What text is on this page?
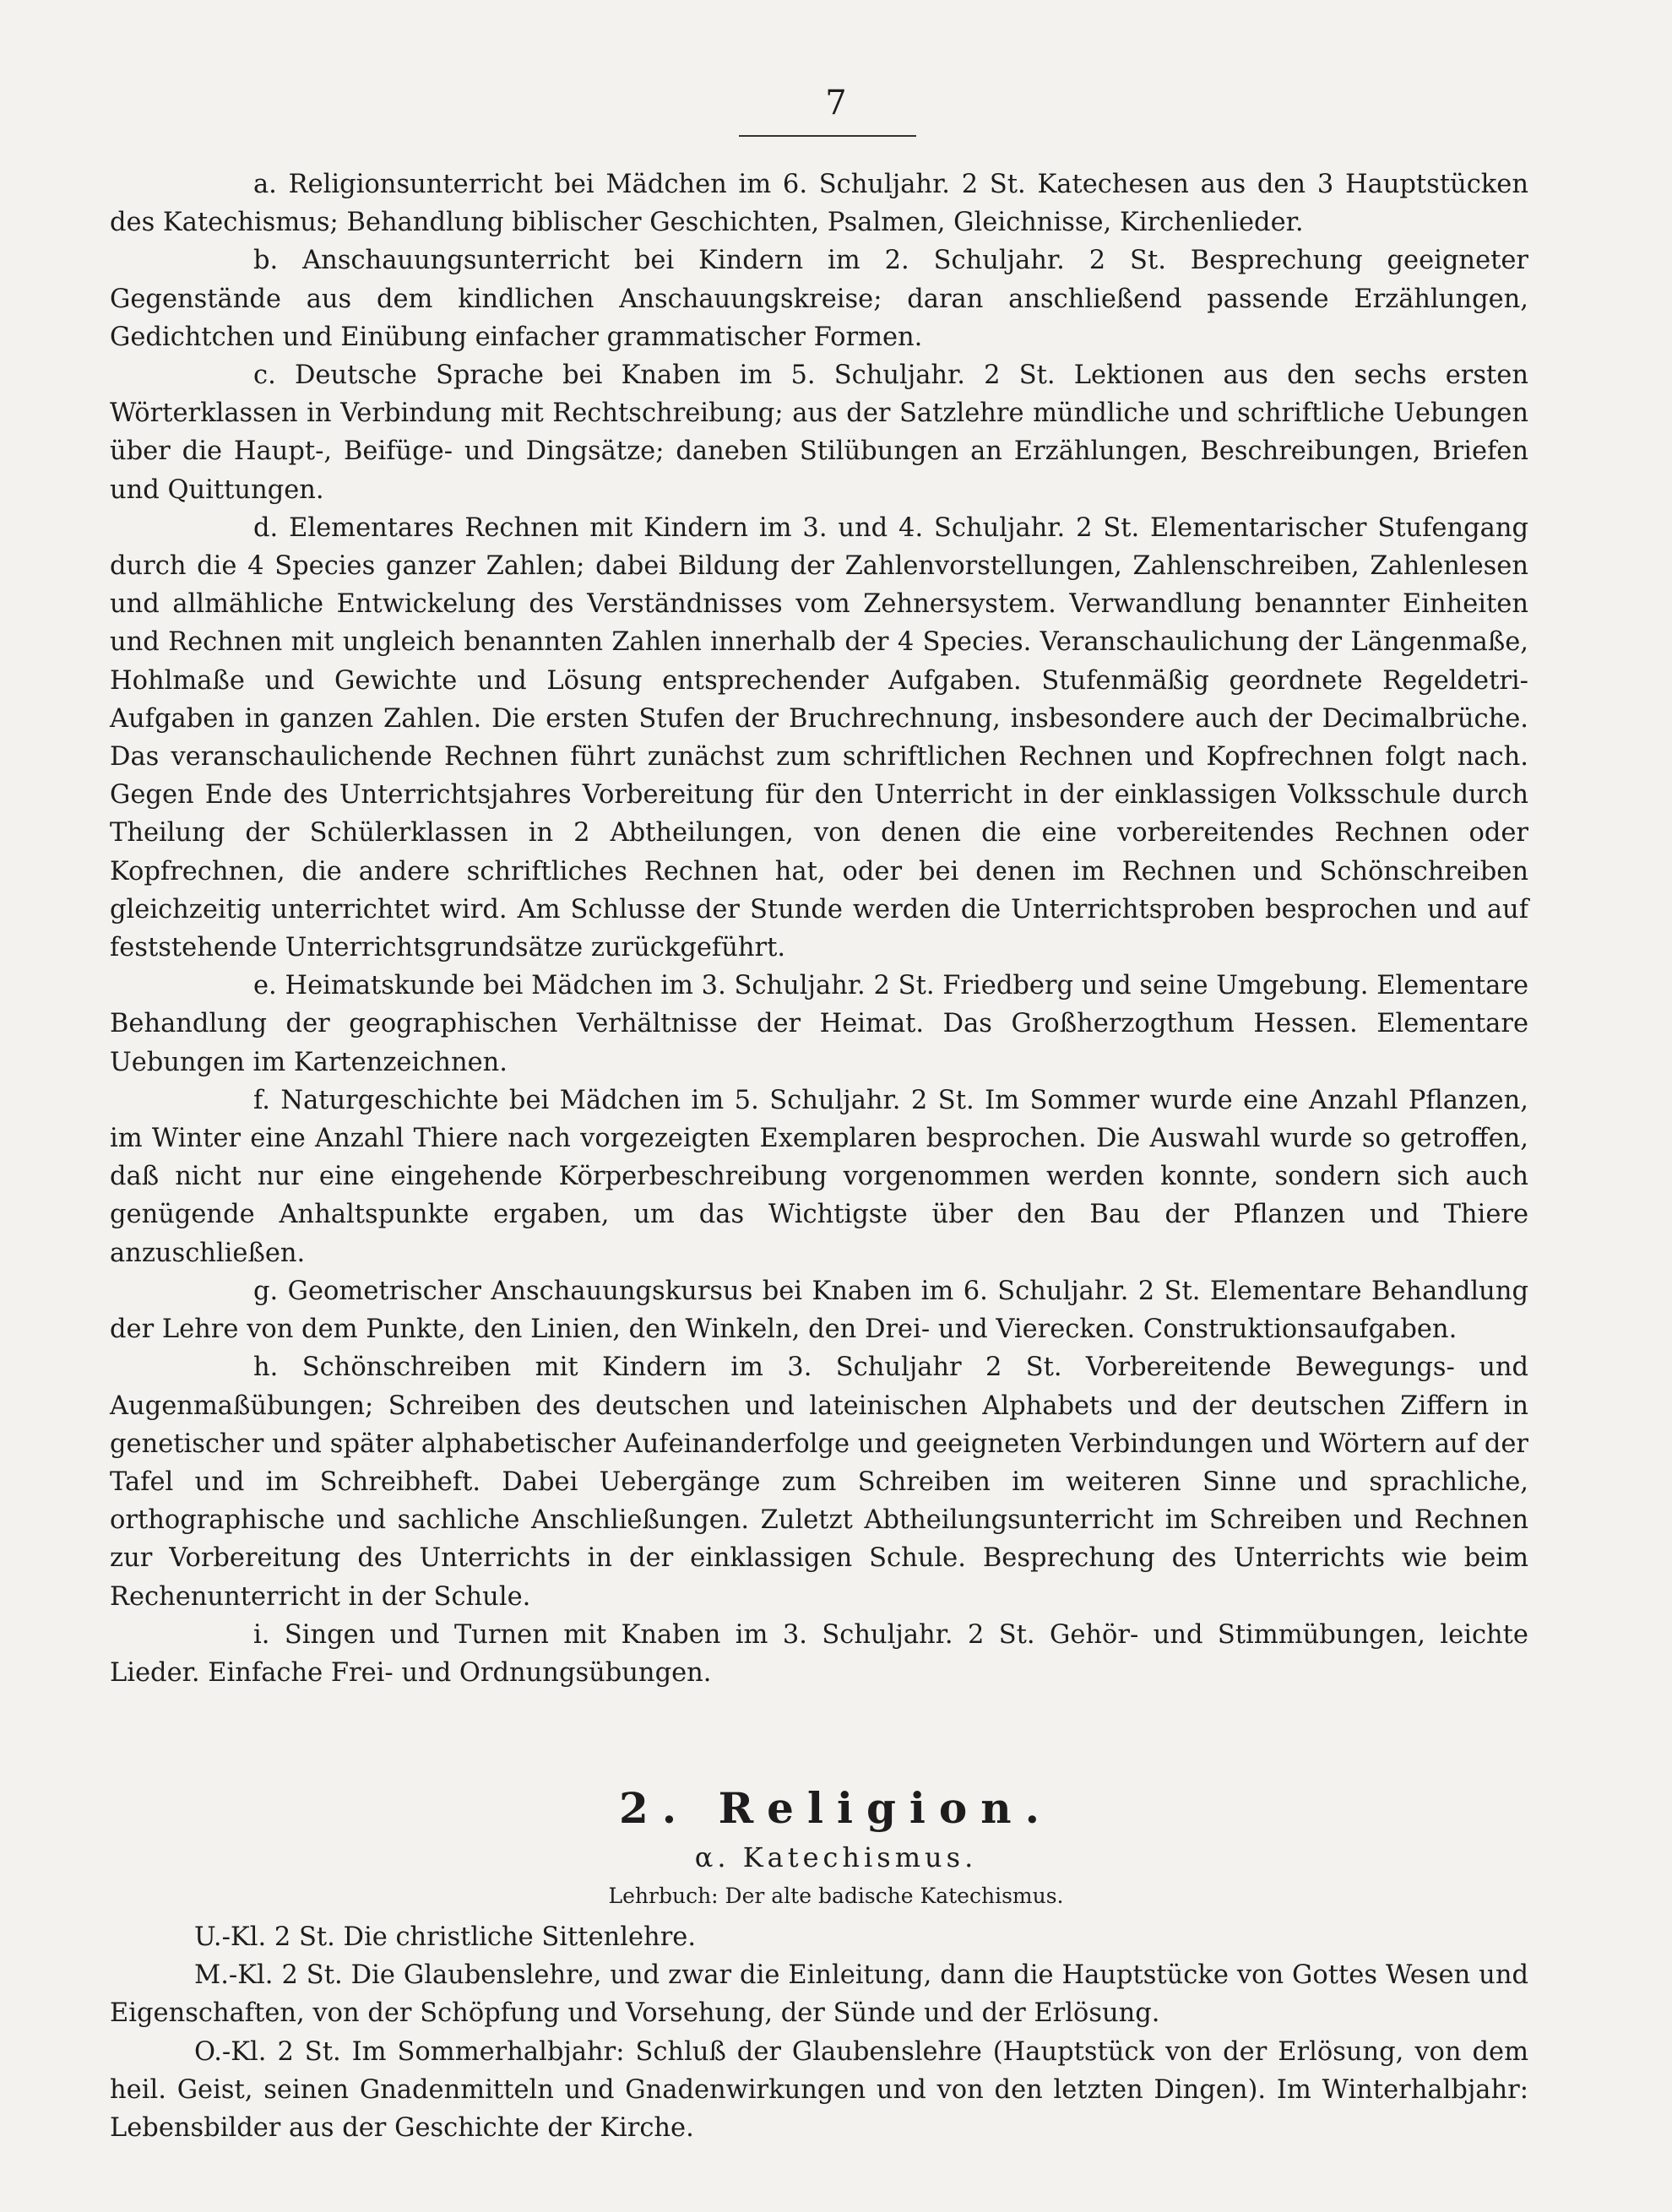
7

a. Religionsunterricht bei Mädchen im 6. Schuljahr. 2 St. Katechesen aus den 3 Hauptstücken des Katechismus; Behandlung biblischer Geschichten, Psalmen, Gleichnisse, Kirchenlieder.

b. Anschauungsunterricht bei Kindern im 2. Schuljahr. 2 St. Besprechung geeigneter Gegenstände aus dem kindlichen Anschauungskreise; daran anschließend passende Erzählungen, Gedichtchen und Einübung einfacher grammatischer Formen.

c. Deutsche Sprache bei Knaben im 5. Schuljahr. 2 St. Lektionen aus den sechs ersten Wörterklassen in Verbindung mit Rechtschreibung; aus der Satzlehre mündliche und schriftliche Uebungen über die Haupt-, Beifüge- und Dingsätze; daneben Stilübungen an Erzählungen, Beschreibungen, Briefen und Quittungen.

d. Elementares Rechnen mit Kindern im 3. und 4. Schuljahr. 2 St. Elementarischer Stufengang durch die 4 Species ganzer Zahlen; dabei Bildung der Zahlenvorstellungen, Zahlenschreiben, Zahlenlesen und allmähliche Entwickelung des Verständnisses vom Zehnersystem. Verwandlung benannter Einheiten und Rechnen mit ungleich benannten Zahlen innerhalb der 4 Species. Veranschaulichung der Längenmaße, Hohlmaße und Gewichte und Lösung entsprechender Aufgaben. Stufenmäßig geordnete Regeldetri-Aufgaben in ganzen Zahlen. Die ersten Stufen der Bruchrechnung, insbesondere auch der Decimalbrüche. Das veranschaulichende Rechnen führt zunächst zum schriftlichen Rechnen und Kopfrechnen folgt nach. Gegen Ende des Unterrichtsjahres Vorbereitung für den Unterricht in der einklassigen Volksschule durch Theilung der Schülerklassen in 2 Abtheilungen, von denen die eine vorbereitendes Rechnen oder Kopfrechnen, die andere schriftliches Rechnen hat, oder bei denen im Rechnen und Schönschreiben gleichzeitig unterrichtet wird. Am Schlusse der Stunde werden die Unterrichtsproben besprochen und auf feststehende Unterrichtsgrundsätze zurückgeführt.

e. Heimatskunde bei Mädchen im 3. Schuljahr. 2 St. Friedberg und seine Umgebung. Elementare Behandlung der geographischen Verhältnisse der Heimat. Das Großherzogthum Hessen. Elementare Uebungen im Kartenzeichnen.

f. Naturgeschichte bei Mädchen im 5. Schuljahr. 2 St. Im Sommer wurde eine Anzahl Pflanzen, im Winter eine Anzahl Thiere nach vorgezeigten Exemplaren besprochen. Die Auswahl wurde so getroffen, daß nicht nur eine eingehende Körperbeschreibung vorgenommen werden konnte, sondern sich auch genügende Anhaltspunkte ergaben, um das Wichtigste über den Bau der Pflanzen und Thiere anzuschließen.

g. Geometrischer Anschauungskursus bei Knaben im 6. Schuljahr. 2 St. Elementare Behandlung der Lehre von dem Punkte, den Linien, den Winkeln, den Drei- und Vierecken. Construktionsaufgaben.

h. Schönschreiben mit Kindern im 3. Schuljahr 2 St. Vorbereitende Bewegungs- und Augenmaßübungen; Schreiben des deutschen und lateinischen Alphabets und der deutschen Ziffern in genetischer und später alphabetischer Aufeinanderfolge und geeigneten Verbindungen und Wörtern auf der Tafel und im Schreibheft. Dabei Uebergänge zum Schreiben im weiteren Sinne und sprachliche, orthographische und sachliche Anschließungen. Zuletzt Abtheilungsunterricht im Schreiben und Rechnen zur Vorbereitung des Unterrichts in der einklassigen Schule. Besprechung des Unterrichts wie beim Rechenunterricht in der Schule.

i. Singen und Turnen mit Knaben im 3. Schuljahr. 2 St. Gehör- und Stimmübungen, leichte Lieder. Einfache Frei- und Ordnungsübungen.

2. Religion.
α. Katechismus.
Lehrbuch: Der alte badische Katechismus.

U.-Kl. 2 St. Die christliche Sittenlehre.

M.-Kl. 2 St. Die Glaubenslehre, und zwar die Einleitung, dann die Hauptstücke von Gottes Wesen und Eigenschaften, von der Schöpfung und Vorsehung, der Sünde und der Erlösung.

O.-Kl. 2 St. Im Sommerhalbjahr: Schluß der Glaubenslehre (Hauptstück von der Erlösung, von dem heil. Geist, seinen Gnadenmitteln und Gnadenwirkungen und von den letzten Dingen). Im Winterhalbjahr: Lebensbilder aus der Geschichte der Kirche.
